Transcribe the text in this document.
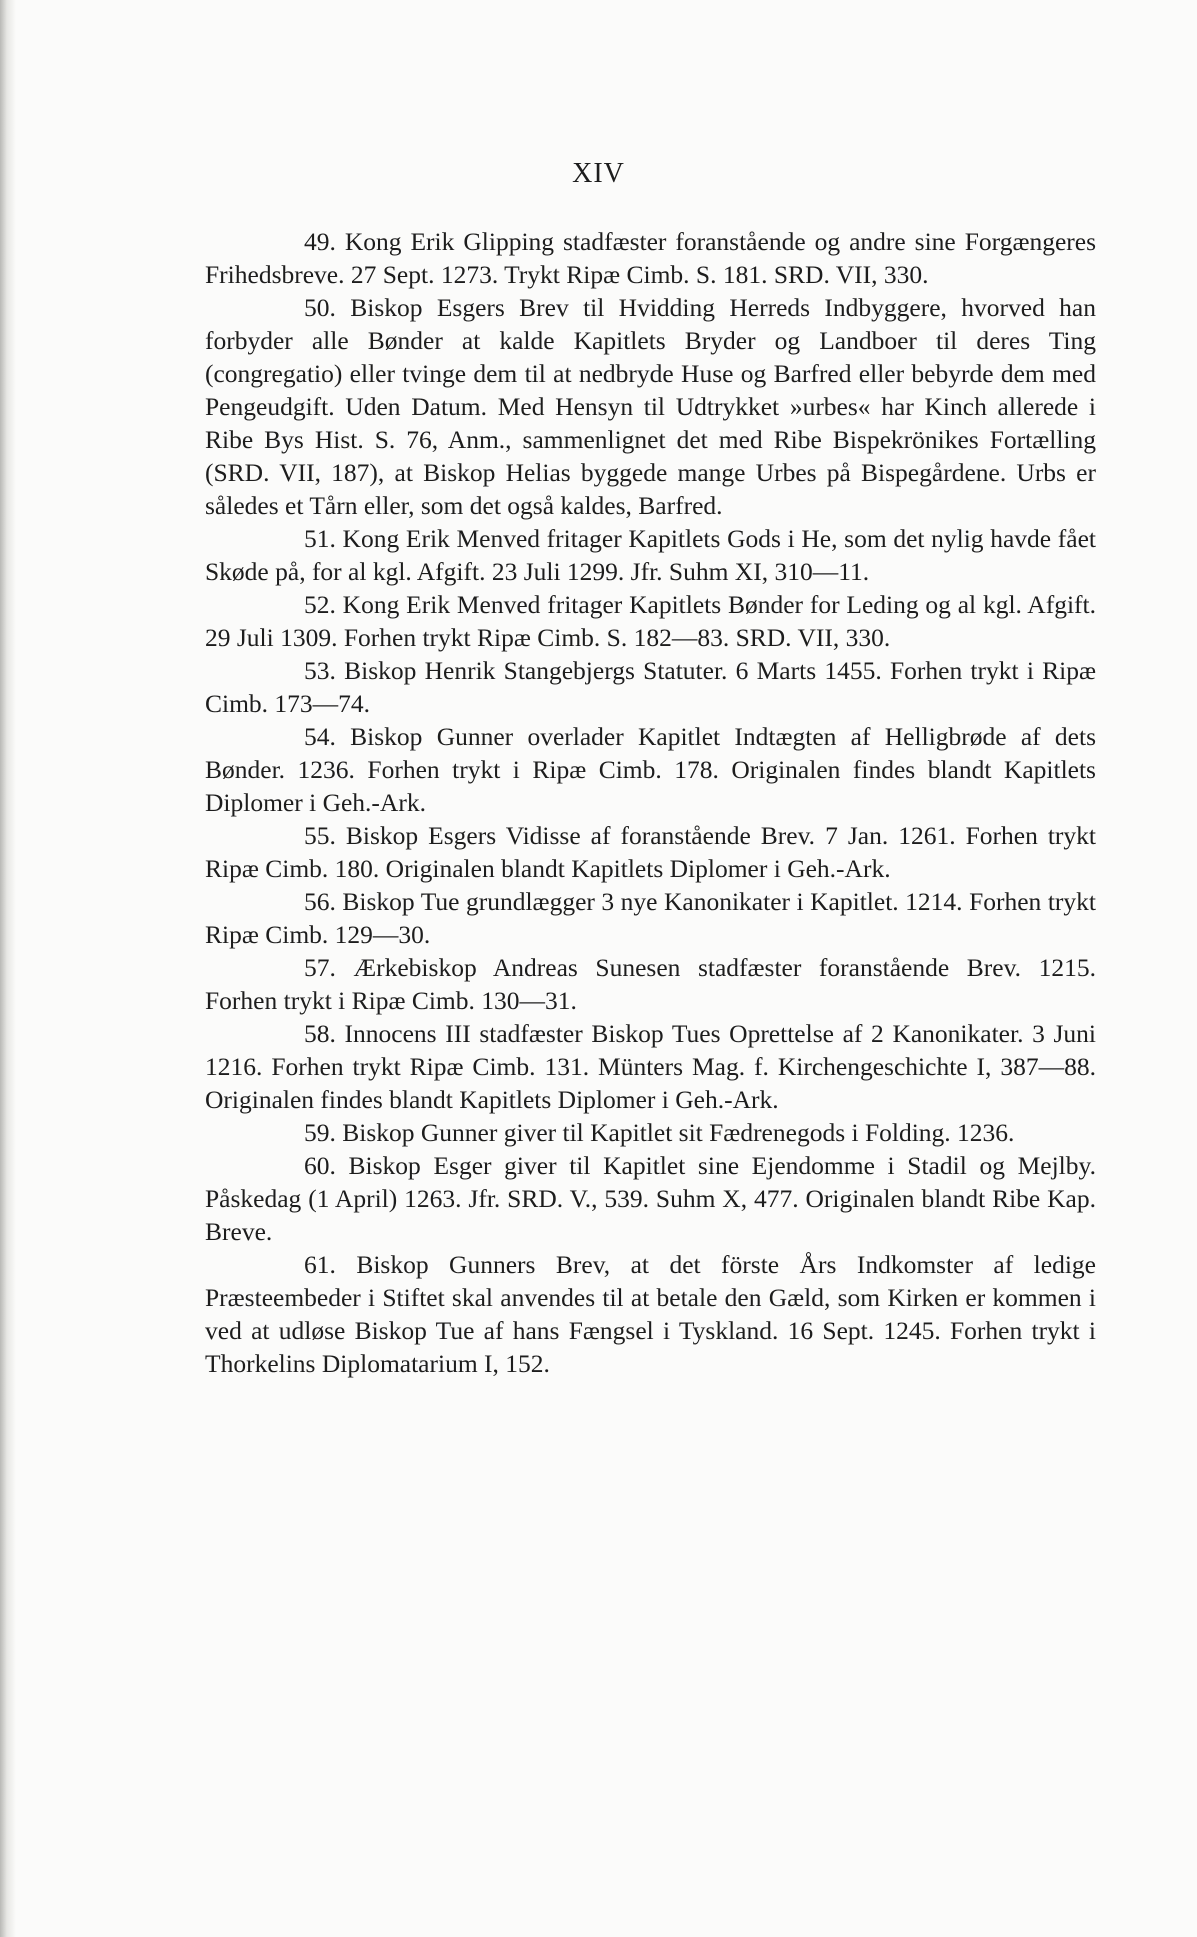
XIV

49. Kong Erik Glipping stadfæster foranstående og andre sine Forgængeres Frihedsbreve. 27 Sept. 1273. Trykt Ripæ Cimb. S. 181. SRD. VII, 330.

50. Biskop Esgers Brev til Hvidding Herreds Indbyggere, hvorved han forbyder alle Bønder at kalde Kapitlets Bryder og Landboer til deres Ting (congregatio) eller tvinge dem til at nedbryde Huse og Barfred eller bebyrde dem med Pengeudgift. Uden Datum. Med Hensyn til Udtrykket »urbes« har Kinch allerede i Ribe Bys Hist. S. 76, Anm., sammenlignet det med Ribe Bispekrönikes Fortælling (SRD. VII, 187), at Biskop Helias byggede mange Urbes på Bispegårdene. Urbs er således et Tårn eller, som det også kaldes, Barfred.

51. Kong Erik Menved fritager Kapitlets Gods i He, som det nylig havde fået Skøde på, for al kgl. Afgift. 23 Juli 1299. Jfr. Suhm XI, 310—11.

52. Kong Erik Menved fritager Kapitlets Bønder for Leding og al kgl. Afgift. 29 Juli 1309. Forhen trykt Ripæ Cimb. S. 182—83. SRD. VII, 330.

53. Biskop Henrik Stangebjergs Statuter. 6 Marts 1455. Forhen trykt i Ripæ Cimb. 173—74.

54. Biskop Gunner overlader Kapitlet Indtægten af Helligbrøde af dets Bønder. 1236. Forhen trykt i Ripæ Cimb. 178. Originalen findes blandt Kapitlets Diplomer i Geh.-Ark.

55. Biskop Esgers Vidisse af foranstående Brev. 7 Jan. 1261. Forhen trykt Ripæ Cimb. 180. Originalen blandt Kapitlets Diplomer i Geh.-Ark.

56. Biskop Tue grundlægger 3 nye Kanonikater i Kapitlet. 1214. Forhen trykt Ripæ Cimb. 129—30.

57. Ærkebiskop Andreas Sunesen stadfæster foranstående Brev. 1215. Forhen trykt i Ripæ Cimb. 130—31.

58. Innocens III stadfæster Biskop Tues Oprettelse af 2 Kanonikater. 3 Juni 1216. Forhen trykt Ripæ Cimb. 131. Münters Mag. f. Kirchengeschichte I, 387—88. Originalen findes blandt Kapitlets Diplomer i Geh.-Ark.

59. Biskop Gunner giver til Kapitlet sit Fædrenegods i Folding. 1236.

60. Biskop Esger giver til Kapitlet sine Ejendomme i Stadil og Mejlby. Påskedag (1 April) 1263. Jfr. SRD. V., 539. Suhm X, 477. Originalen blandt Ribe Kap. Breve.

61. Biskop Gunners Brev, at det förste Års Indkomster af ledige Præsteembeder i Stiftet skal anvendes til at betale den Gæld, som Kirken er kommen i ved at udløse Biskop Tue af hans Fængsel i Tyskland. 16 Sept. 1245. Forhen trykt i Thorkelins Diplomatarium I, 152.
